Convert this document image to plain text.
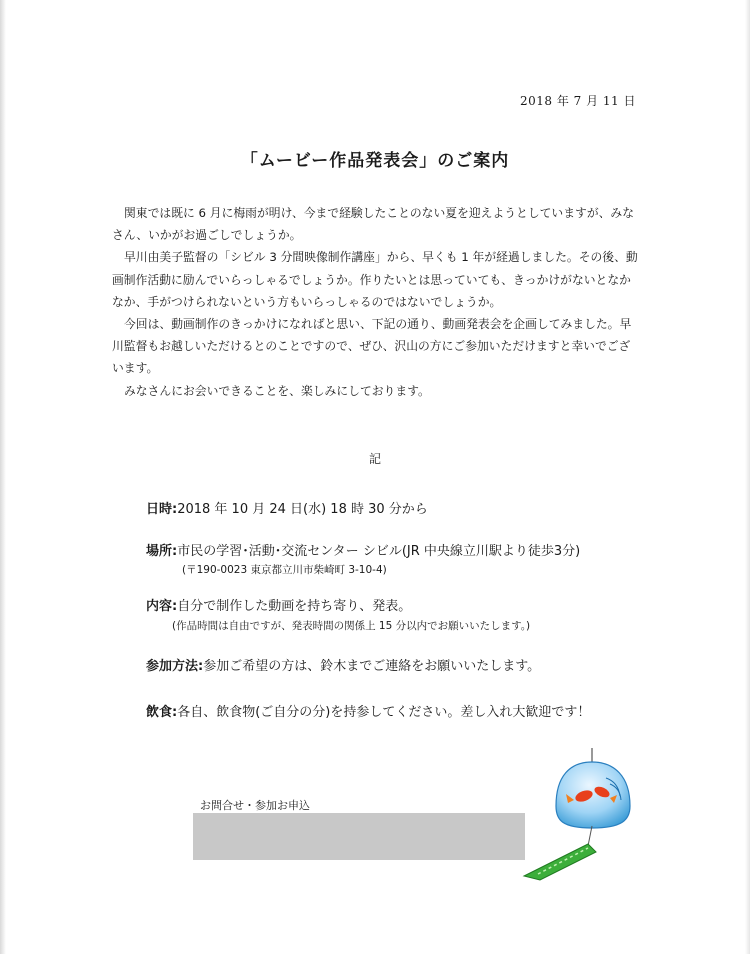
2018 年 7 月 11 日
「ムービー作品発表会」のご案内

関東では既に 6 月に梅雨が明け、今まで経験したことのない夏を迎えようとしていますが、みなさん、いかがお過ごしでしょうか。

早川由美子監督の「シビル 3 分間映像制作講座」から、早くも 1 年が経過しました。その後、動画制作活動に励んでいらっしゃるでしょうか。作りたいとは思っていても、きっかけがないとなかなか、手がつけられないという方もいらっしゃるのではないでしょうか。

今回は、動画制作のきっかけになればと思い、下記の通り、動画発表会を企画してみました。早川監督もお越しいただけるとのことですので、ぜひ、沢山の方にご参加いただけますと幸いでございます。

みなさんにお会いできることを、楽しみにしております。

記
日時:2018 年 10 月 24 日(水) 18 時 30 分から
場所:市民の学習･活動･交流センター シビル(JR 中央線立川駅より徒歩3分)
(〒190-0023 東京都立川市柴崎町 3-10-4)
内容:自分で制作した動画を持ち寄り、発表。
(作品時間は自由ですが、発表時間の関係上 15 分以内でお願いいたします。)
参加方法:参加ご希望の方は、鈴木までご連絡をお願いいたします。
飲食:各自、飲食物(ご自分の分)を持参してください。差し入れ大歓迎です！
お問合せ・参加お申込
